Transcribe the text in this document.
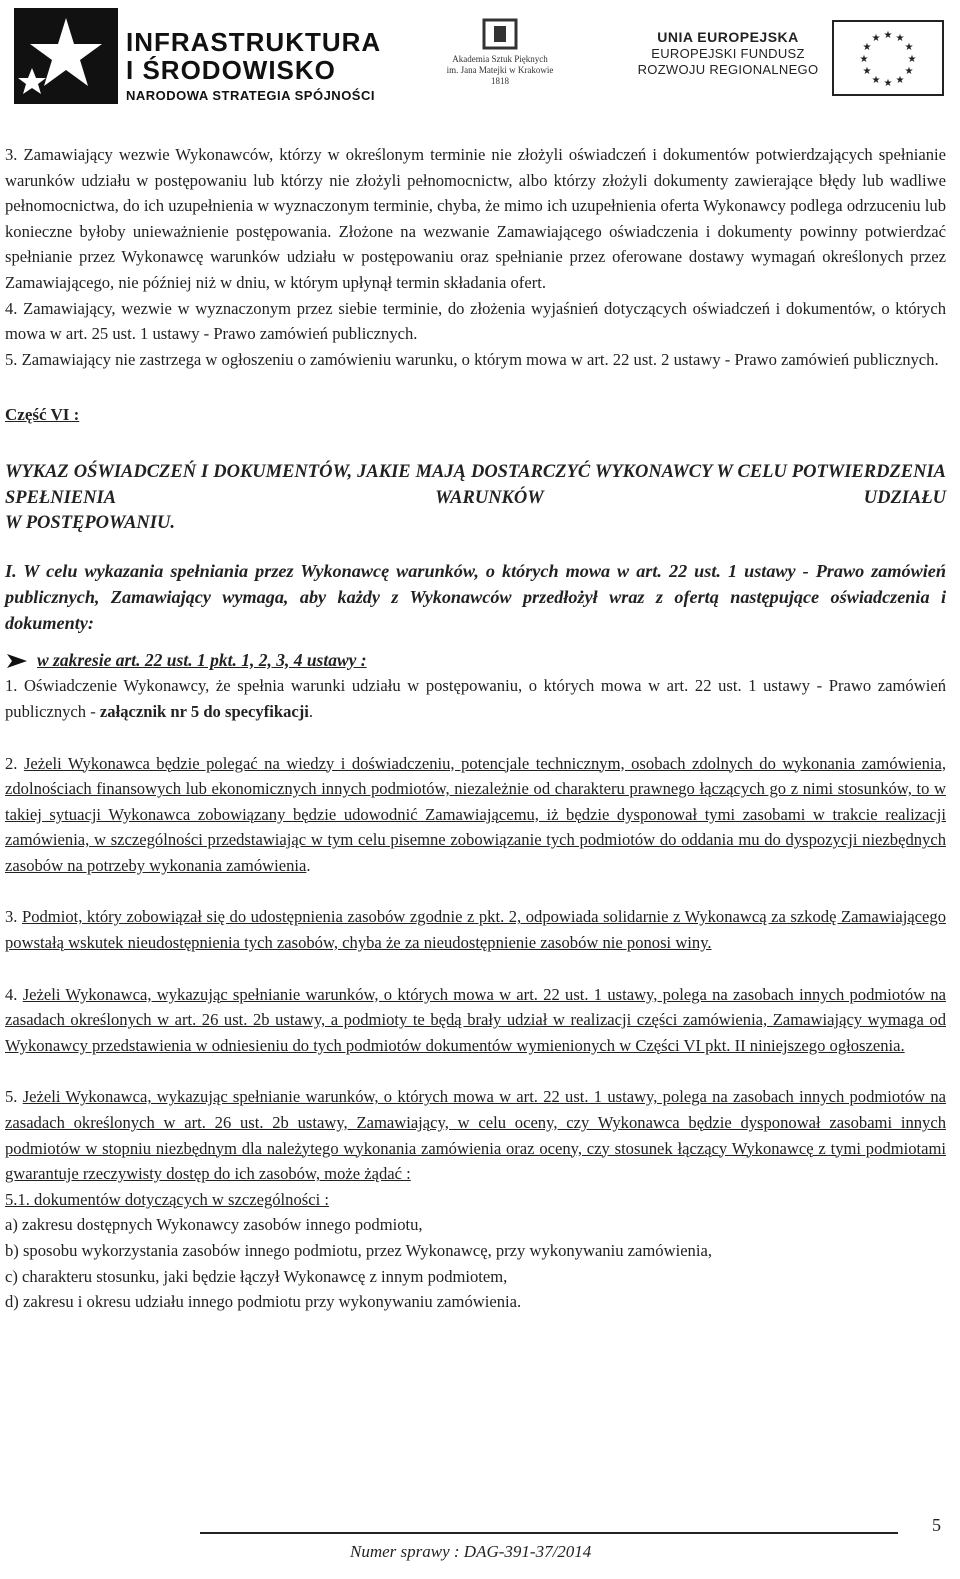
INFRASTRUKTURA
I ŚRODOWISKO
NARODOWA STRATEGIA SPÓJNOŚCI
Akademia Sztuk Pięknych
im. Jana Matejki w Krakowie
1818
UNIA EUROPEJSKA
EUROPEJSKI FUNDUSZ
ROZWOJU REGIONALNEGO
★ ★
★
★
★
★
★
★
★
★
★
★

3. Zamawiający wezwie Wykonawców, którzy w określonym terminie nie złożyli oświadczeń i dokumentów potwierdzających spełnianie warunków udziału w postępowaniu lub którzy nie złożyli pełnomocnictw, albo którzy złożyli dokumenty zawierające błędy lub wadliwe pełnomocnictwa, do ich uzupełnienia w wyznaczonym terminie, chyba, że mimo ich uzupełnienia oferta Wykonawcy podlega odrzuceniu lub konieczne byłoby unieważnienie postępowania. Złożone na wezwanie Zamawiającego oświadczenia i dokumenty powinny potwierdzać spełnianie przez Wykonawcę warunków udziału w postępowaniu oraz spełnianie przez oferowane dostawy wymagań określonych przez Zamawiającego, nie później niż w dniu, w którym upłynął termin składania ofert.

4. Zamawiający, wezwie w wyznaczonym przez siebie terminie, do złożenia wyjaśnień dotyczących oświadczeń i dokumentów, o których mowa w art. 25 ust. 1 ustawy - Prawo zamówień publicznych.

5. Zamawiający nie zastrzega w ogłoszeniu o zamówieniu warunku, o którym mowa w art. 22 ust. 2 ustawy - Prawo zamówień publicznych.

Część VI :

WYKAZ OŚWIADCZEŃ I DOKUMENTÓW, JAKIE MAJĄ DOSTARCZYĆ WYKONAWCY W CELU POTWIERDZENIA SPEŁNIENIA WARUNKÓW UDZIAŁU

W POSTĘPOWANIU.

I. W celu wykazania spełniania przez Wykonawcę warunków, o których mowa w art. 22 ust. 1 ustawy - Prawo zamówień publicznych, Zamawiający wymaga, aby każdy z Wykonawców przedłożył wraz z ofertą następujące oświadczenia i dokumenty:

w zakresie art. 22 ust. 1 pkt. 1, 2, 3, 4 ustawy :

1. Oświadczenie Wykonawcy, że spełnia warunki udziału w postępowaniu, o których mowa w art. 22 ust. 1 ustawy - Prawo zamówień publicznych - załącznik nr 5 do specyfikacji.

2. Jeżeli Wykonawca będzie polegać na wiedzy i doświadczeniu, potencjale technicznym, osobach zdolnych do wykonania zamówienia, zdolnościach finansowych lub ekonomicznych innych podmiotów, niezależnie od charakteru prawnego łączących go z nimi stosunków, to w takiej sytuacji Wykonawca zobowiązany będzie udowodnić Zamawiającemu, iż będzie dysponował tymi zasobami w trakcie realizacji zamówienia, w szczególności przedstawiając w tym celu pisemne zobowiązanie tych podmiotów do oddania mu do dyspozycji niezbędnych zasobów na potrzeby wykonania zamówienia.

3. Podmiot, który zobowiązał się do udostępnienia zasobów zgodnie z pkt. 2, odpowiada solidarnie z Wykonawcą za szkodę Zamawiającego powstałą wskutek nieudostępnienia tych zasobów, chyba że za nieudostępnienie zasobów nie ponosi winy.

4. Jeżeli Wykonawca, wykazując spełnianie warunków, o których mowa w art. 22 ust. 1 ustawy, polega na zasobach innych podmiotów na zasadach określonych w art. 26 ust. 2b ustawy, a podmioty te będą brały udział w realizacji części zamówienia, Zamawiający wymaga od Wykonawcy przedstawienia w odniesieniu do tych podmiotów dokumentów wymienionych w Części VI pkt. II niniejszego ogłoszenia.

5. Jeżeli Wykonawca, wykazując spełnianie warunków, o których mowa w art. 22 ust. 1 ustawy, polega na zasobach innych podmiotów na zasadach określonych w art. 26 ust. 2b ustawy, Zamawiający, w celu oceny, czy Wykonawca będzie dysponował zasobami innych podmiotów w stopniu niezbędnym dla należytego wykonania zamówienia oraz oceny, czy stosunek łączący Wykonawcę z tymi podmiotami gwarantuje rzeczywisty dostęp do ich zasobów, może żądać :

5.1. dokumentów dotyczących w szczególności :

a) zakresu dostępnych Wykonawcy zasobów innego podmiotu,
b) sposobu wykorzystania zasobów innego podmiotu, przez Wykonawcę, przy wykonywaniu zamówienia,
c) charakteru stosunku, jaki będzie łączył Wykonawcę z innym podmiotem,
d) zakresu i okresu udziału innego podmiotu przy wykonywaniu zamówienia.
5
Numer sprawy : DAG-391-37/2014
